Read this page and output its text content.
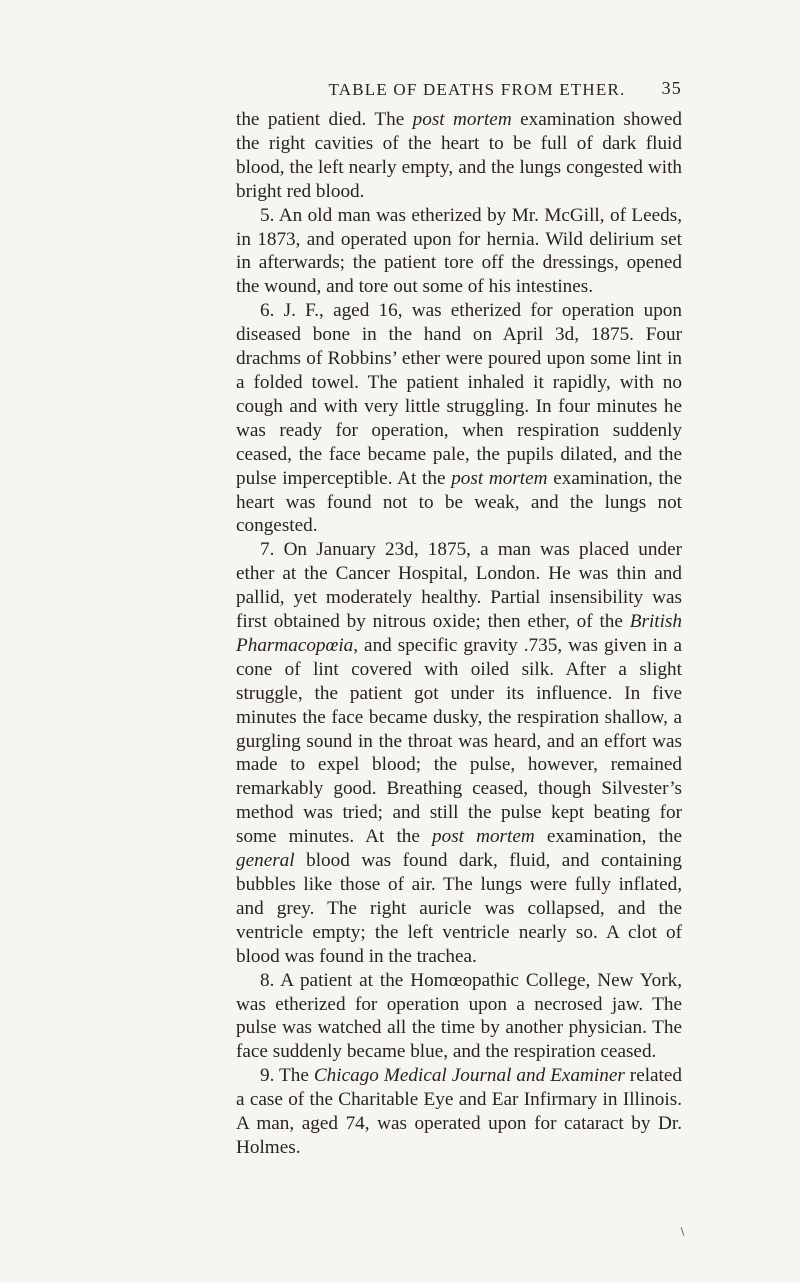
TABLE OF DEATHS FROM ETHER.	35

the patient died. The post mortem examination showed the right cavities of the heart to be full of dark fluid blood, the left nearly empty, and the lungs congested with bright red blood.

5. An old man was etherized by Mr. McGill, of Leeds, in 1873, and operated upon for hernia. Wild delirium set in afterwards; the patient tore off the dressings, opened the wound, and tore out some of his intestines.

6. J. F., aged 16, was etherized for operation upon diseased bone in the hand on April 3d, 1875. Four drachms of Robbins’ ether were poured upon some lint in a folded towel. The patient inhaled it rapidly, with no cough and with very little struggling. In four minutes he was ready for operation, when respiration suddenly ceased, the face became pale, the pupils dilated, and the pulse imperceptible. At the post mortem examination, the heart was found not to be weak, and the lungs not congested.

7. On January 23d, 1875, a man was placed under ether at the Cancer Hospital, London. He was thin and pallid, yet moderately healthy. Partial insensibility was first obtained by nitrous oxide; then ether, of the British Pharmacopœia, and specific gravity .735, was given in a cone of lint covered with oiled silk. After a slight struggle, the patient got under its influence. In five minutes the face became dusky, the respiration shallow, a gurgling sound in the throat was heard, and an effort was made to expel blood; the pulse, however, remained remarkably good. Breathing ceased, though Silvester’s method was tried; and still the pulse kept beating for some minutes. At the post mortem examination, the general blood was found dark, fluid, and containing bubbles like those of air. The lungs were fully inflated, and grey. The right auricle was collapsed, and the ventricle empty; the left ventricle nearly so. A clot of blood was found in the trachea.

8. A patient at the Homœopathic College, New York, was etherized for operation upon a necrosed jaw. The pulse was watched all the time by another physician. The face suddenly became blue, and the respiration ceased.

9. The Chicago Medical Journal and Examiner related a case of the Charitable Eye and Ear Infirmary in Illinois. A man, aged 74, was operated upon for cataract by Dr. Holmes.
